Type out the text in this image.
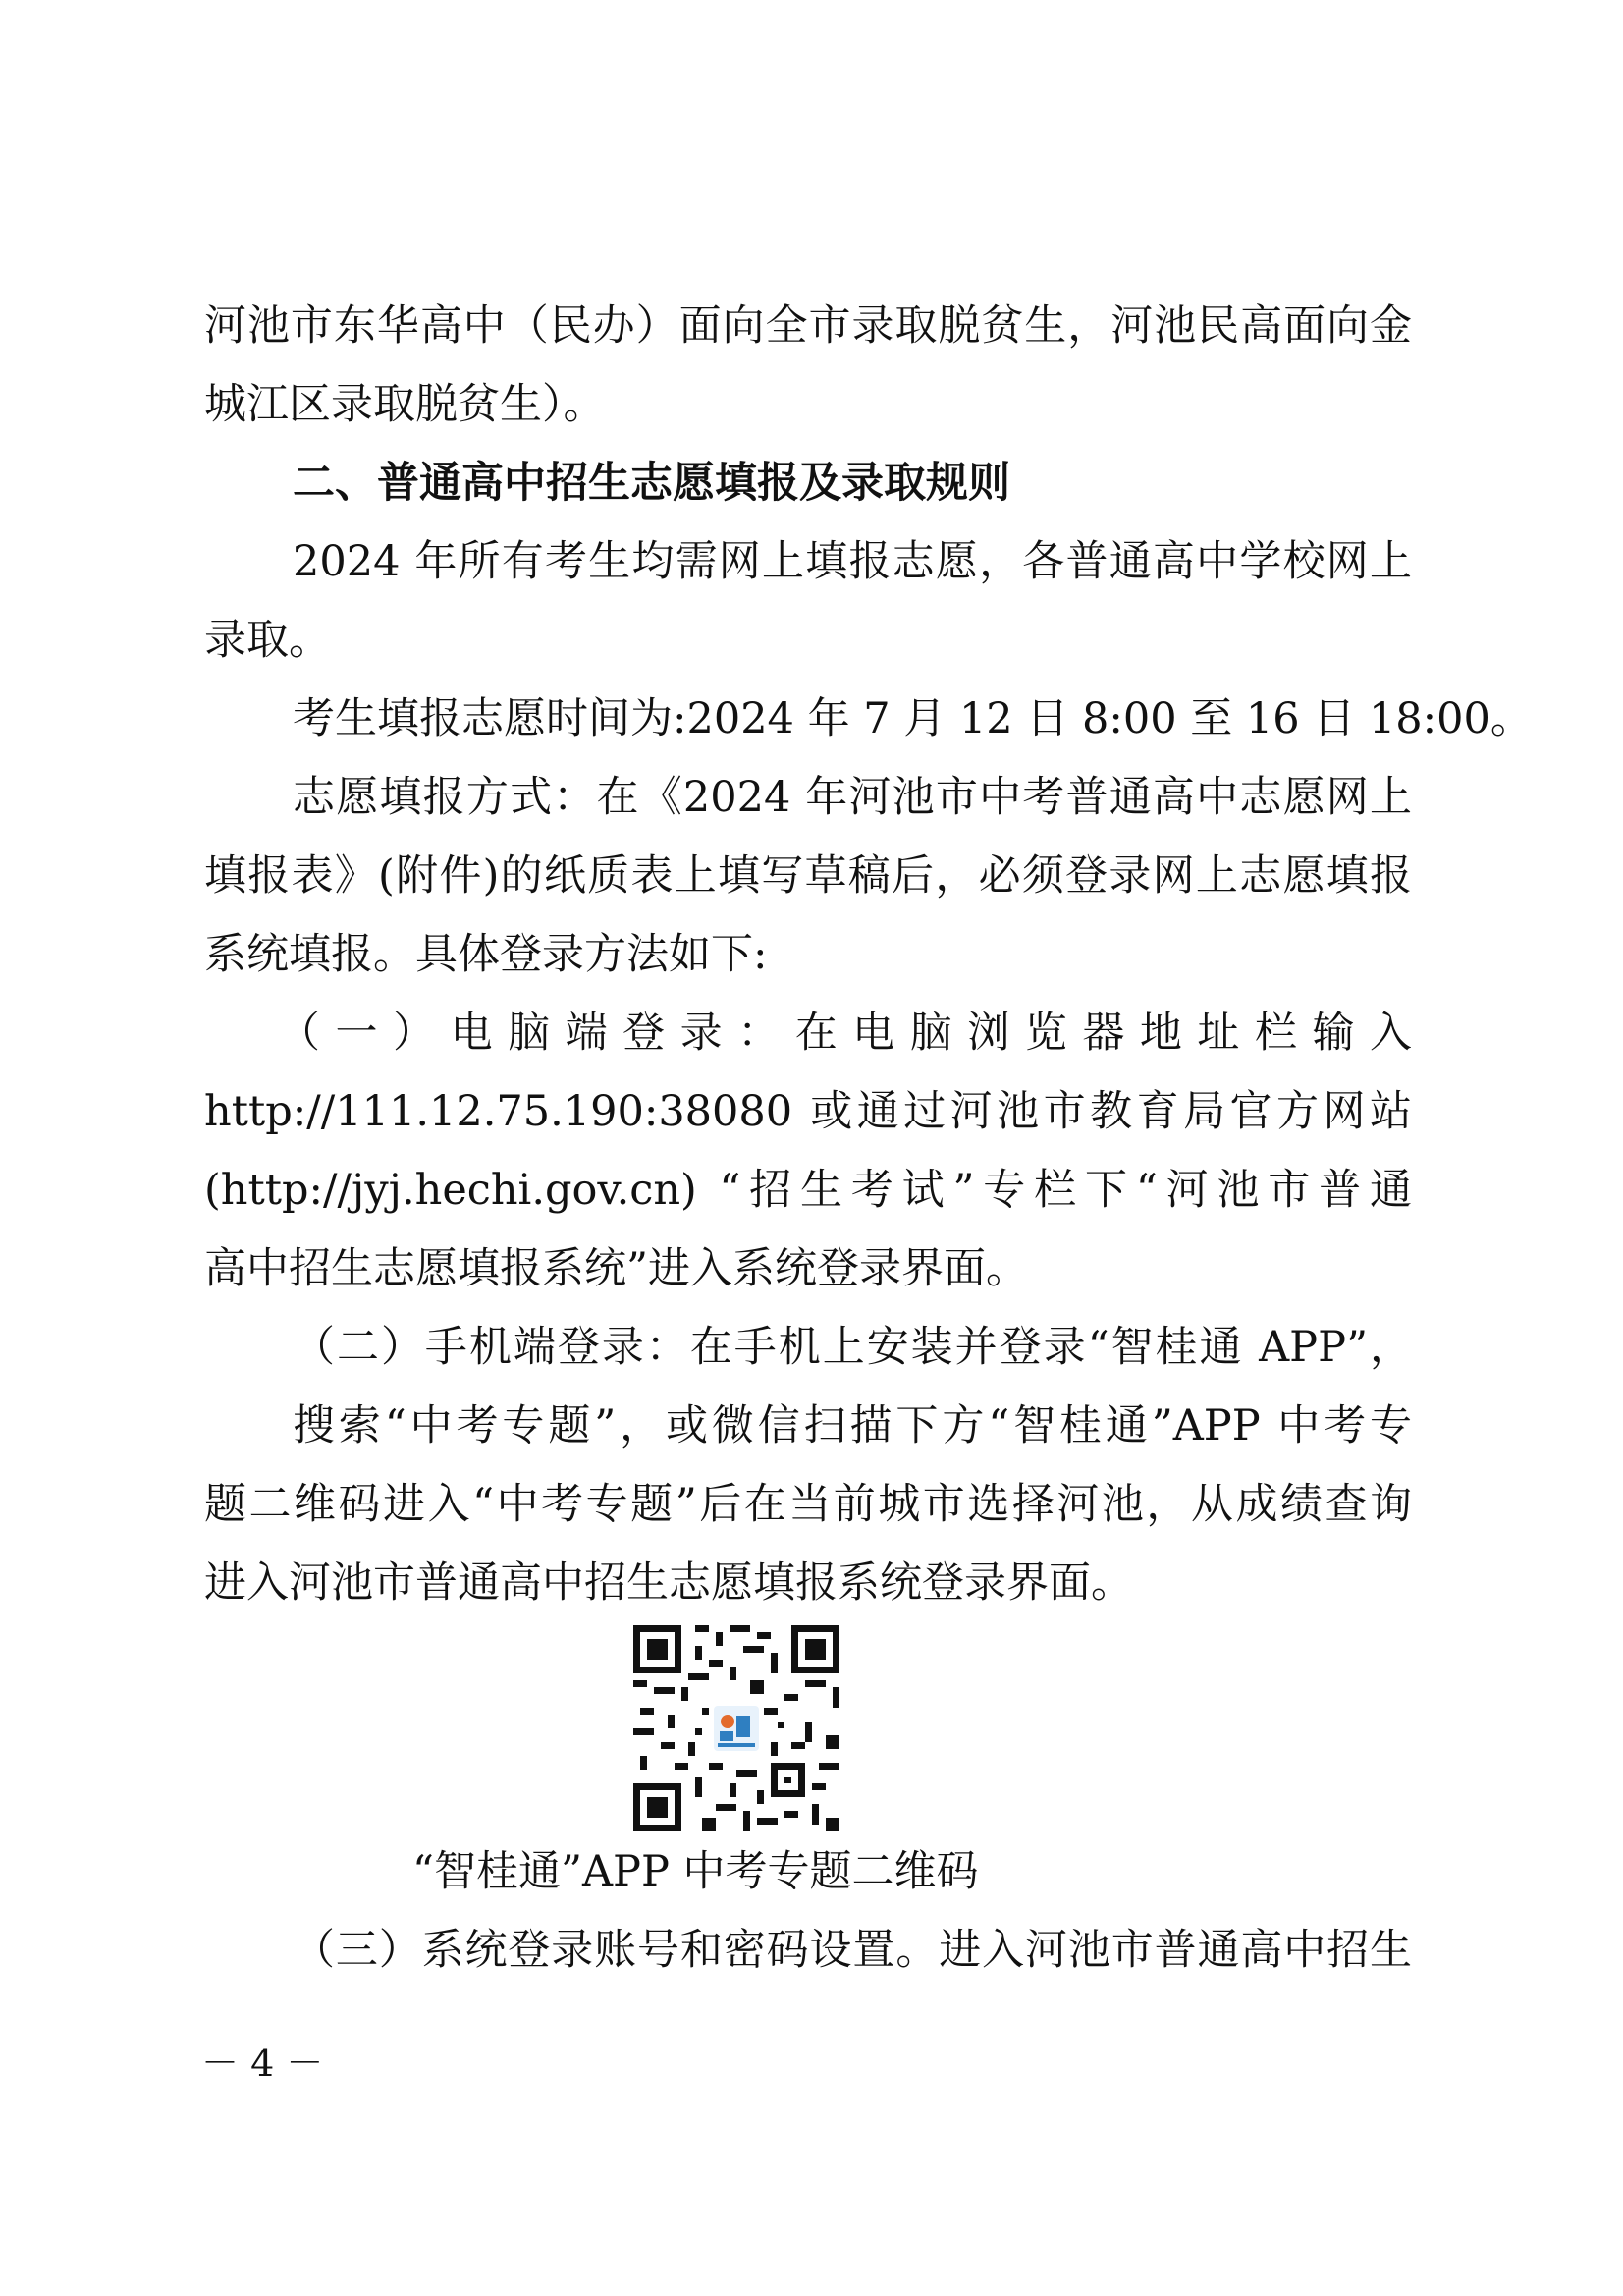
河池市东华高中（民办）面向全市录取脱贫生，河池民高面向金
城江区录取脱贫生）。
二、普通高中招生志愿填报及录取规则
2024 年所有考生均需网上填报志愿，各普通高中学校网上
录取。
考生填报志愿时间为:2024 年 7 月 12 日 8:00 至 16 日 18:00。
志愿填报方式：在《2024 年河池市中考普通高中志愿网上
填报表》(附件)的纸质表上填写草稿后，必须登录网上志愿填报
系统填报。具体登录方法如下:
（一）电脑端登录：在电脑浏览器地址栏输入
http://111.12.75.190:38080 或通过河池市教育局官方网站
(http://jyj.hechi.gov.cn) “招生考试”专栏下“河池市普通
高中招生志愿填报系统”进入系统登录界面。
（二）手机端登录：在手机上安装并登录“智桂通 APP”，
搜索“中考专题”，或微信扫描下方“智桂通”APP 中考专
题二维码进入“中考专题”后在当前城市选择河池，从成绩查询
进入河池市普通高中招生志愿填报系统登录界面。
“智桂通”APP 中考专题二维码
（三）系统登录账号和密码设置。进入河池市普通高中招生
－ 4 －
